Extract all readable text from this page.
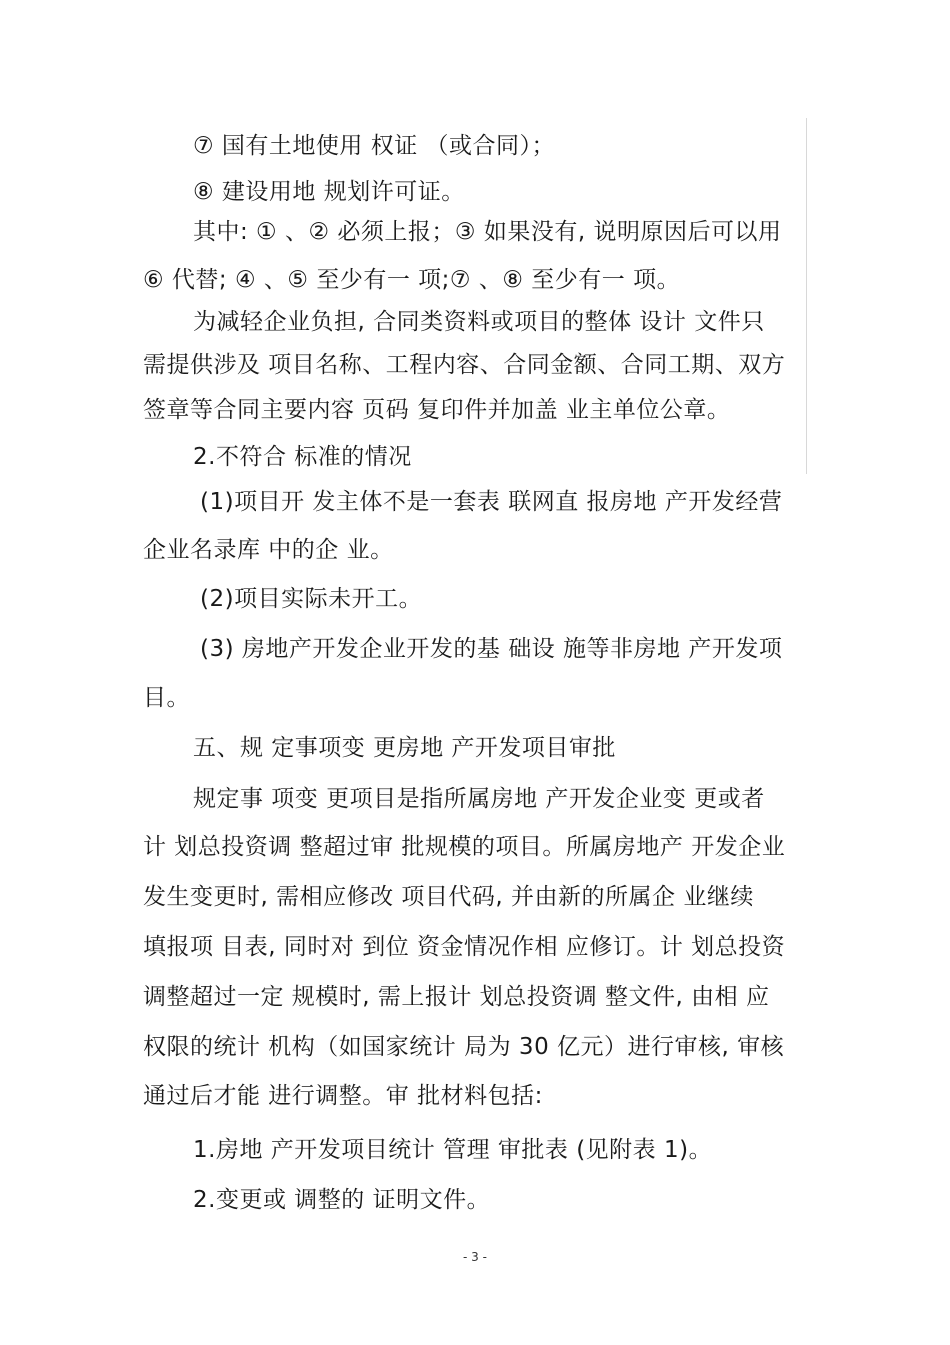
⑦ 国有土地使用 权证 （或合同）；
⑧ 建设用地 规划许可证。
其中: ① 、② 必须上报；③ 如果没有, 说明原因后可以用
⑥ 代替; ④ 、⑤ 至少有一 项;⑦ 、⑧ 至少有一 项。
为减轻企业负担, 合同类资料或项目的整体 设计 文件只
需提供涉及 项目名称、工程内容、合同金额、合同工期、双方
签章等合同主要内容 页码 复印件并加盖 业主单位公章。
2.不符合 标准的情况
(1)项目开 发主体不是一套表 联网直 报房地 产开发经营
企业名录库 中的企 业。
(2)项目实际未开工。
(3) 房地产开发企业开发的基 础设 施等非房地 产开发项
目。
五、规 定事项变 更房地 产开发项目审批
规定事 项变 更项目是指所属房地 产开发企业变 更或者
计 划总投资调 整超过审 批规模的项目。所属房地产 开发企业
发生变更时, 需相应修改 项目代码, 并由新的所属企 业继续
填报项 目表, 同时对 到位 资金情况作相 应修订。计 划总投资
调整超过一定 规模时, 需上报计 划总投资调 整文件, 由相 应
权限的统计 机构（如国家统计 局为 30 亿元）进行审核, 审核
通过后才能 进行调整。审 批材料包括:
1.房地 产开发项目统计 管理 审批表 (见附表 1)。
2.变更或 调整的 证明文件。
- 3 -
